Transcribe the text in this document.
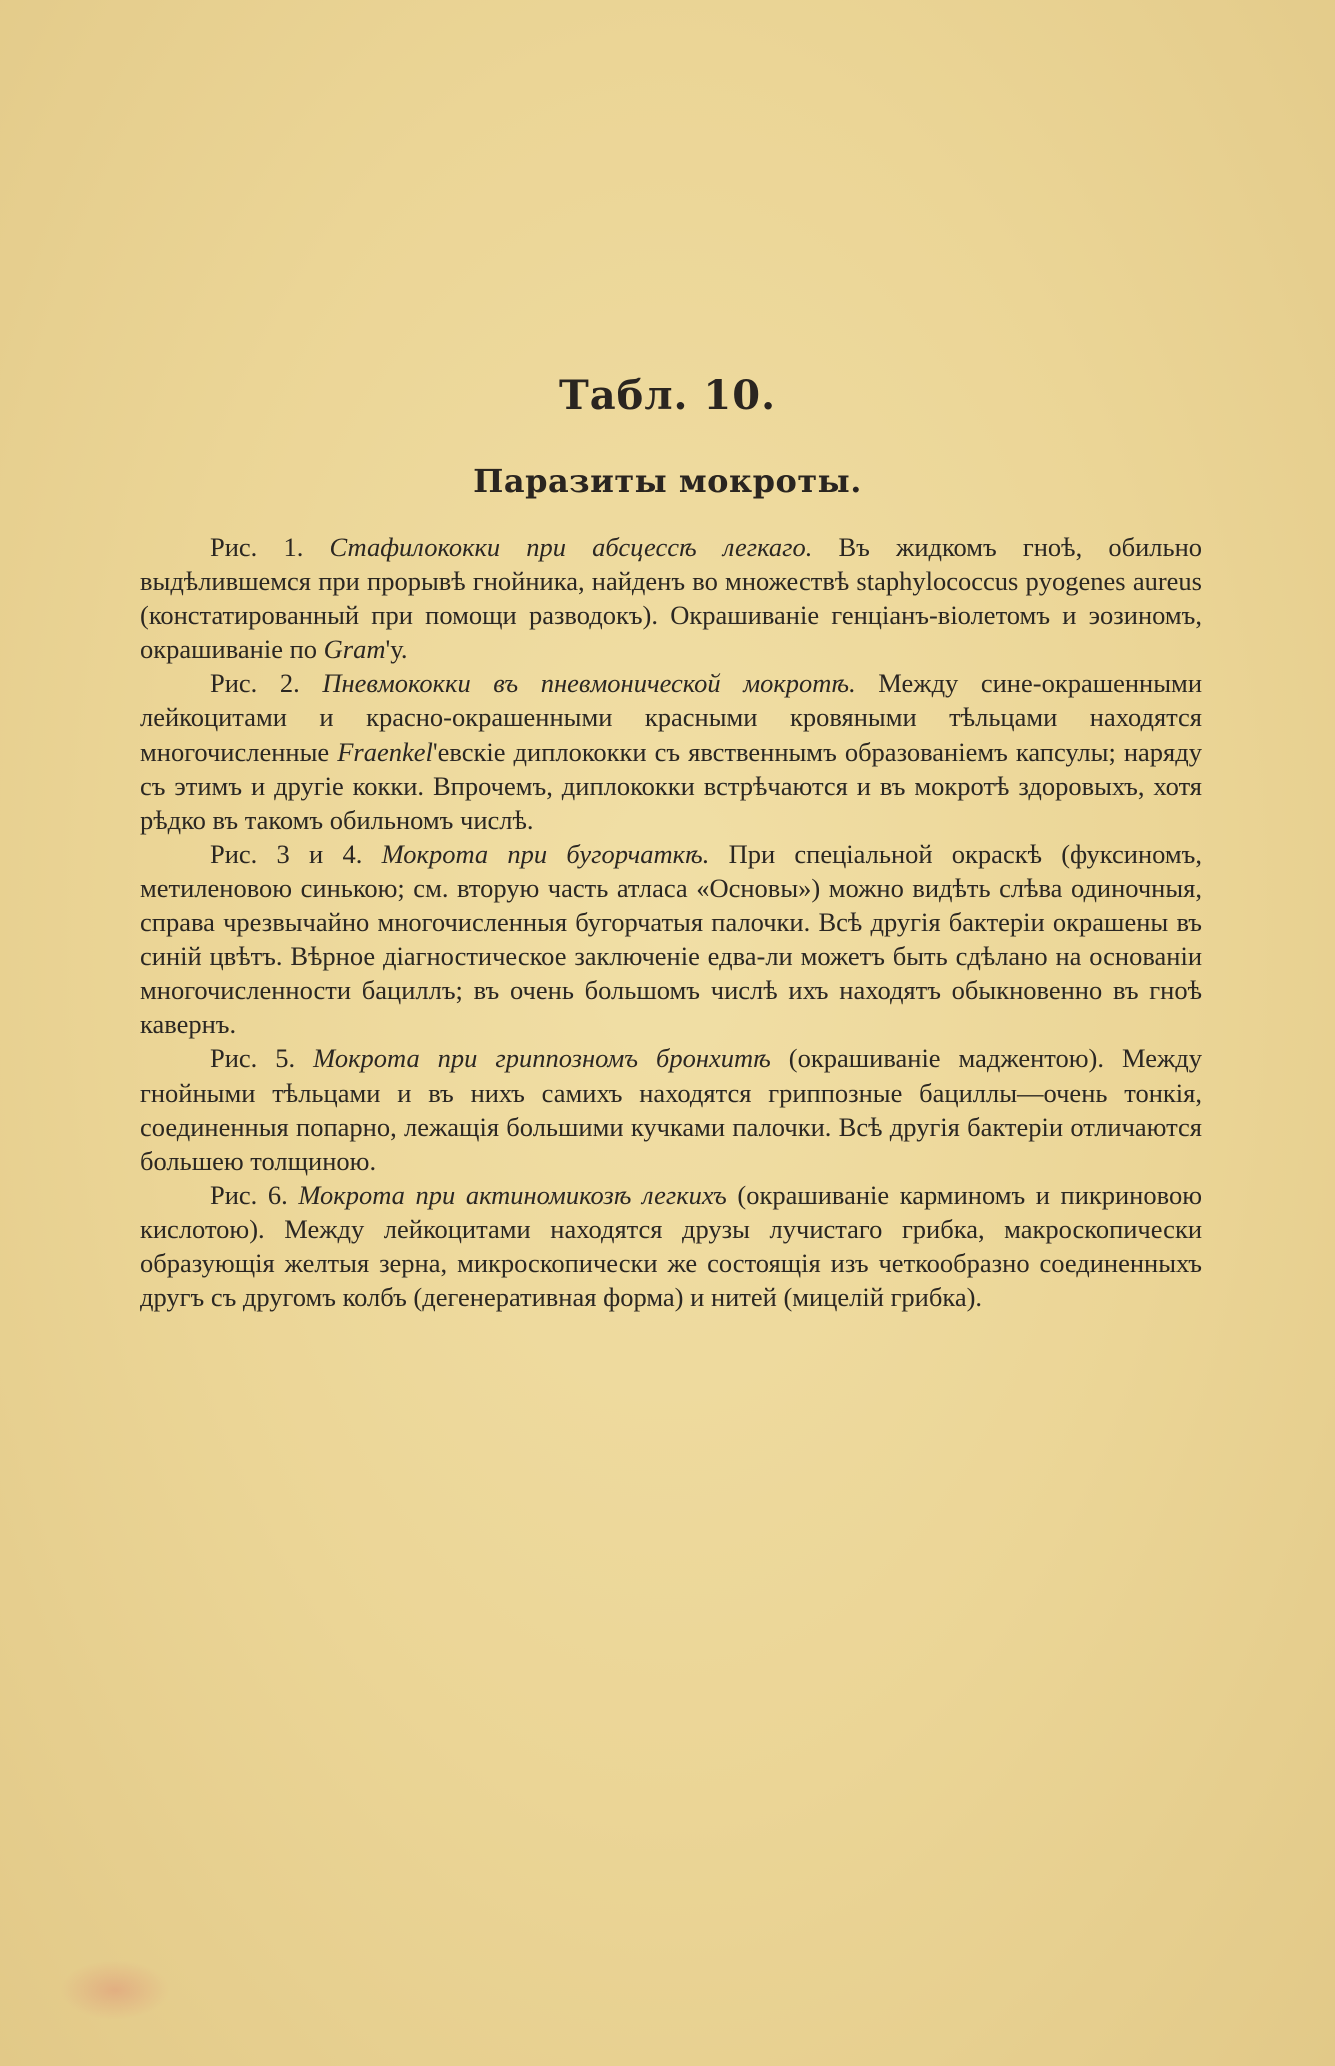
Табл. 10.
Паразиты мокроты.

Рис. 1. Стафилококки при абсцессѣ легкаго. Въ жидкомъ гноѣ, обильно выдѣлившемся при прорывѣ гнойника, найденъ во множествѣ staphylococcus pyogenes aureus (констатированный при помощи разводокъ). Окрашиваніе генціанъ-віолетомъ и эозиномъ, окрашиваніе по Gram'у.

Рис. 2. Пневмококки въ пневмонической мокротѣ. Между сине-окрашенными лейкоцитами и красно-окрашенными красными кровяными тѣльцами находятся многочисленные Fraenkel'евскіе диплококки съ явственнымъ образованіемъ капсулы; наряду съ этимъ и другіе кокки. Впрочемъ, диплококки встрѣчаются и въ мокротѣ здоровыхъ, хотя рѣдко въ такомъ обильномъ числѣ.

Рис. 3 и 4. Мокрота при бугорчаткѣ. При спеціальной окраскѣ (фуксиномъ, метиленовою синькою; см. вторую часть атласа «Основы») можно видѣть слѣва одиночныя, справа чрезвычайно многочисленныя бугорчатыя палочки. Всѣ другія бактеріи окрашены въ синій цвѣтъ. Вѣрное діагностическое заключеніе едва-ли можетъ быть сдѣлано на основаніи многочисленности бациллъ; въ очень большомъ числѣ ихъ находятъ обыкновенно въ гноѣ кавернъ.

Рис. 5. Мокрота при гриппозномъ бронхитѣ (окрашиваніе маджентою). Между гнойными тѣльцами и въ нихъ самихъ находятся гриппозные бациллы—очень тонкія, соединенныя попарно, лежащія большими кучками палочки. Всѣ другія бактеріи отличаются большею толщиною.

Рис. 6. Мокрота при актиномикозѣ легкихъ (окрашиваніе карминомъ и пикриновою кислотою). Между лейкоцитами находятся друзы лучистаго грибка, макроскопически образующія желтыя зерна, микроскопически же состоящія изъ четкообразно соединенныхъ другъ съ другомъ колбъ (дегенеративная форма) и нитей (мицелій грибка).
